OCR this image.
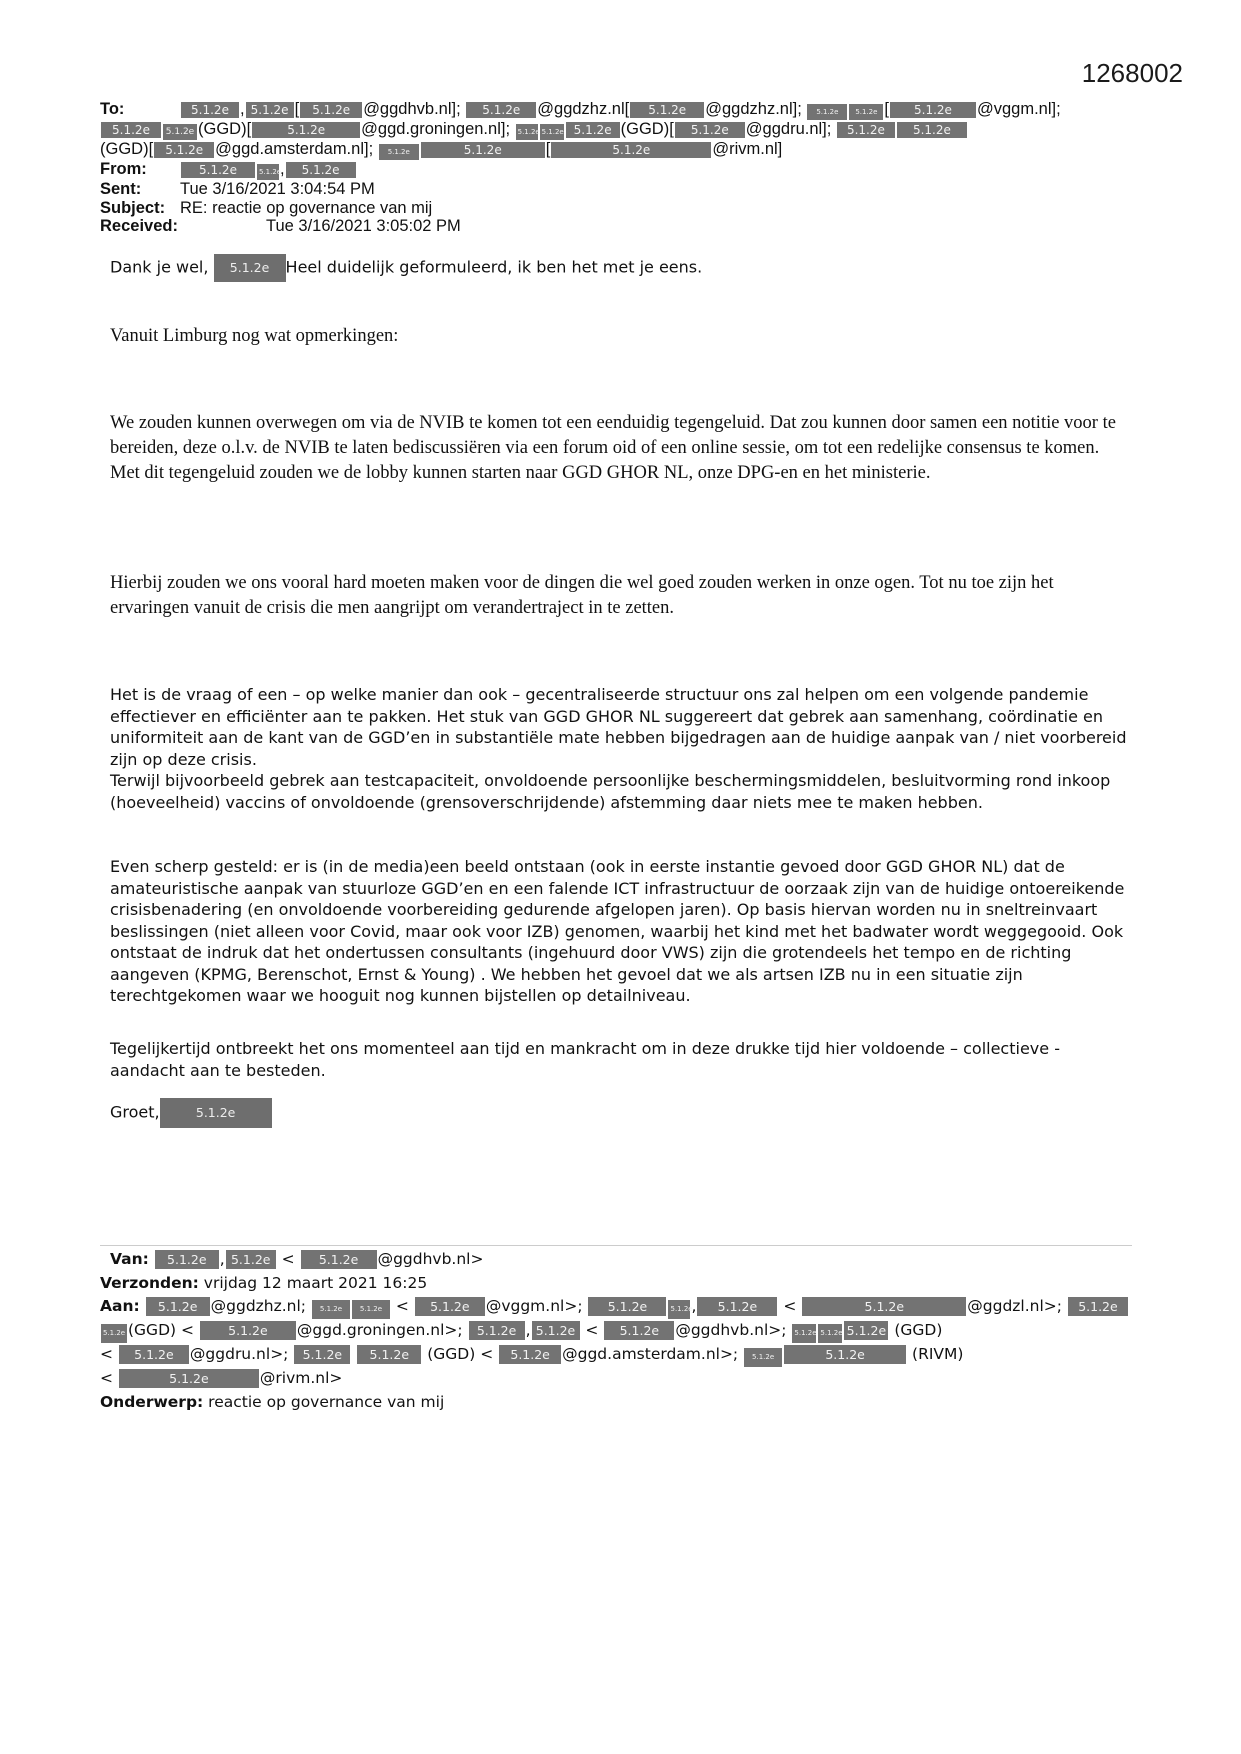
1268002
To:	5.1.2e , 5.1.2e [ 5.1.2e @ggdhvb.nl]; 5.1.2e @ggdzhz.nl[ 5.1.2e @ggdzhz.nl]; 5.1.2e 5.1.2e [ 5.1.2e @vggm.nl];
5.1.2e 5.1.2e (GGD)[	5.1.2e @ggd.groningen.nl]; 5.1.2e 5.1.2e 5.1.2e (GGD)[ 5.1.2e @ggdru.nl]; 5.1.2e 5.1.2e
(GGD)[ 5.1.2e @ggd.amsterdam.nl]; 5.1.2e	5.1.2e	[	5.1.2e	@rivm.nl]
From:	5.1.2e	5.1.2e, 5.1.2e
Sent: Tue 3/16/2021 3:04:54 PM
Subject: RE: reactie op governance van mij
Received:	Tue 3/16/2021 3:05:02 PM

Dank je wel, 5.1.2e Heel duidelijk geformuleerd, ik ben het met je eens.

Vanuit Limburg nog wat opmerkingen:

We zouden kunnen overwegen om via de NVIB te komen tot een eenduidig tegengeluid. Dat zou kunnen door samen een notitie voor te bereiden, deze o.l.v. de NVIB te laten bediscussiëren via een forum oid of een online sessie, om tot een redelijke consensus te komen. Met dit tegengeluid zouden we de lobby kunnen starten naar GGD GHOR NL, onze DPG-en en het ministerie.

Hierbij zouden we ons vooral hard moeten maken voor de dingen die wel goed zouden werken in onze ogen. Tot nu toe zijn het ervaringen vanuit de crisis die men aangrijpt om verandertraject in te zetten.

Het is de vraag of een – op welke manier dan ook – gecentraliseerde structuur ons zal helpen om een volgende pandemie effectiever en efficiënter aan te pakken. Het stuk van GGD GHOR NL suggereert dat gebrek aan samenhang, coördinatie en uniformiteit aan de kant van de GGD’en in substantiële mate hebben bijgedragen aan de huidige aanpak van / niet voorbereid zijn op deze crisis.

Terwijl bijvoorbeeld gebrek aan testcapaciteit, onvoldoende persoonlijke beschermingsmiddelen, besluitvorming rond inkoop (hoeveelheid) vaccins of onvoldoende (grensoverschrijdende) afstemming daar niets mee te maken hebben.

Even scherp gesteld: er is (in de media)een beeld ontstaan (ook in eerste instantie gevoed door GGD GHOR NL) dat de amateuristische aanpak van stuurloze GGD’en en een falende ICT infrastructuur de oorzaak zijn van de huidige ontoereikende crisisbenadering (en onvoldoende voorbereiding gedurende afgelopen jaren). Op basis hiervan worden nu in sneltreinvaart beslissingen (niet alleen voor Covid, maar ook voor IZB) genomen, waarbij het kind met het badwater wordt weggegooid. Ook ontstaat de indruk dat het ondertussen consultants (ingehuurd door VWS) zijn die grotendeels het tempo en de richting aangeven (KPMG, Berenschot, Ernst & Young) . We hebben het gevoel dat we als artsen IZB nu in een situatie zijn terechtgekomen waar we hooguit nog kunnen bijstellen op detailniveau.

Tegelijkertijd ontbreekt het ons momenteel aan tijd en mankracht om in deze drukke tijd hier voldoende – collectieve - aandacht aan te besteden.

Groet,	5.1.2e

Van: 5.1.2e , 5.1.2e < 5.1.2e @ggdhvb.nl>
Verzonden: vrijdag 12 maart 2021 16:25
Aan: 5.1.2e @ggdzhz.nl; 5.1.2e	5.1.2e < 5.1.2e @vggm.nl>; 5.1.2e	5.1.2e, 5.1.2e <	5.1.2e	@ggdzl.nl>; 5.1.2e
5.1.2e (GGD) <	5.1.2e @ggd.groningen.nl>; 5.1.2e , 5.1.2e < 5.1.2e @ggdhvb.nl>; 5.1.2e 5.1.2e 5.1.2e (GGD)
< 5.1.2e @ggdru.nl>; 5.1.2e 5.1.2e (GGD) < 5.1.2e @ggd.amsterdam.nl>; 5.1.2e	5.1.2e	(RIVM)
<	5.1.2e	@rivm.nl>
Onderwerp: reactie op governance van mij
